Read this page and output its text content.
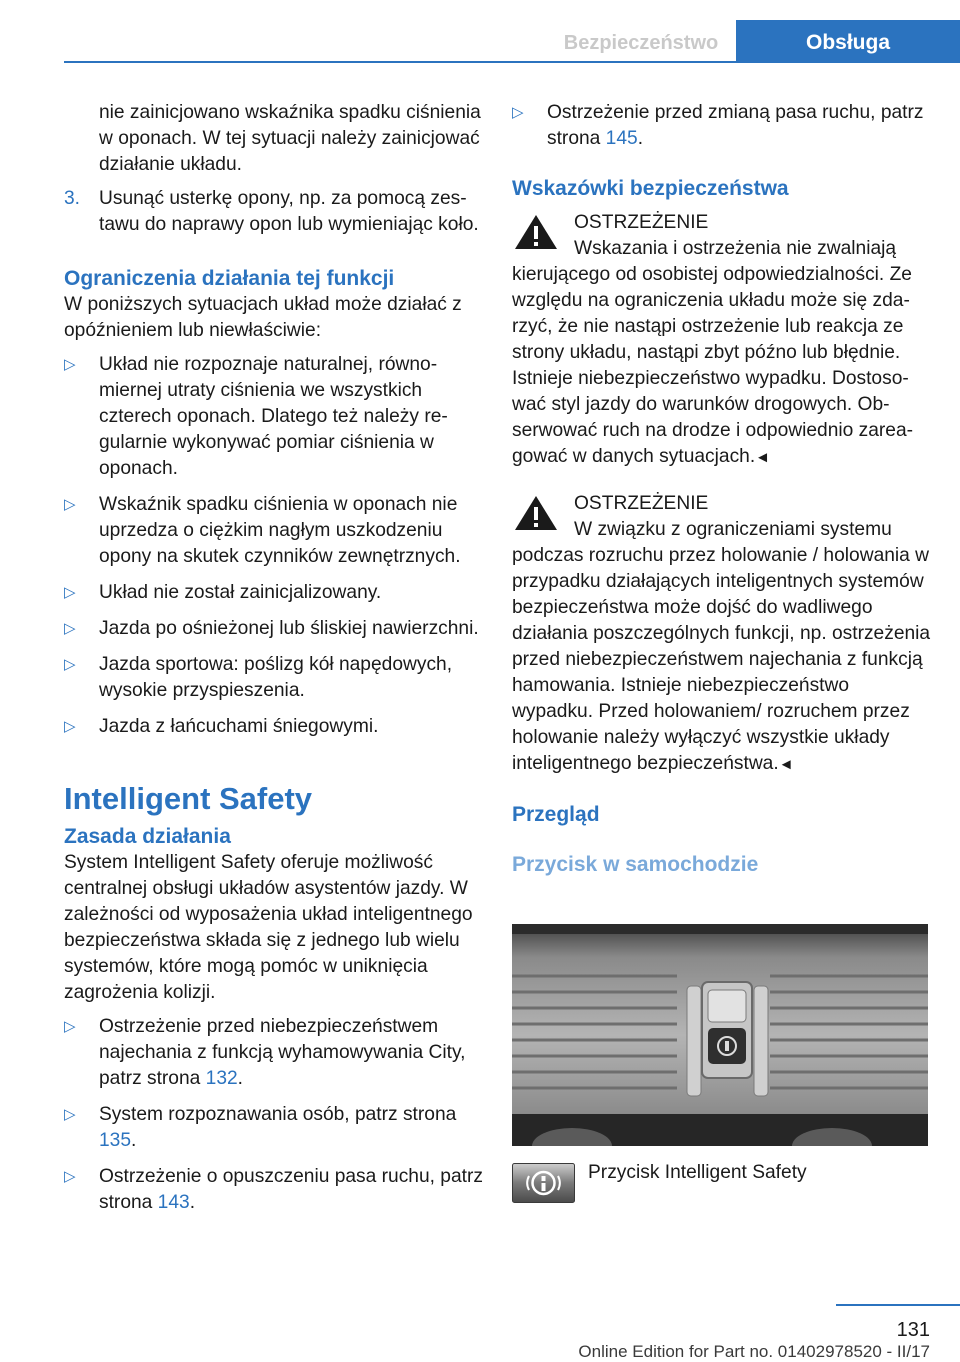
Bezpieczeństwo	Obsługa

nie zainicjowano wskaźnika spadku ciśnienia w oponach. W tej sytuacji należy zainicjować działanie układu.

3. Usunąć usterkę opony, np. za pomocą zestawu do naprawy opon lub wymieniając koło.

Ograniczenia działania tej funkcji

W poniższych sytuacjach układ może działać z opóźnieniem lub niewłaściwie:

▷ Układ nie rozpoznaje naturalnej, równomiernej utraty ciśnienia we wszystkich czterech oponach. Dlatego też należy regularnie wykonywać pomiar ciśnienia w oponach.

▷ Wskaźnik spadku ciśnienia w oponach nie uprzedza o ciężkim nagłym uszkodzeniu opony na skutek czynników zewnętrznych.

▷ Układ nie został zainicjalizowany.

▷ Jazda po ośnieżonej lub śliskiej nawierzchni.

▷ Jazda sportowa: poślizg kół napędowych, wysokie przyspieszenia.

▷ Jazda z łańcuchami śniegowymi.

Intelligent Safety
Zasada działania

System Intelligent Safety oferuje możliwość centralnej obsługi układów asystentów jazdy. W zależności od wyposażenia układ inteligentnego bezpieczeństwa składa się z jednego lub wielu systemów, które mogą pomóc w uniknięcia zagrożenia kolizji.

▷ Ostrzeżenie przed niebezpieczeństwem najechania z funkcją wyhamowywania City, patrz strona 132.

▷ System rozpoznawania osób, patrz strona 135.

▷ Ostrzeżenie o opuszczeniu pasa ruchu, patrz strona 143.

▷ Ostrzeżenie przed zmianą pasa ruchu, patrz strona 145.

Wskazówki bezpieczeństwa
OSTRZEŻENIE
Wskazania i ostrzeżenia nie zwalniają kierującego od osobistej odpowiedzialności. Ze względu na ograniczenia układu może się zdarzyć, że nie nastąpi ostrzeżenie lub reakcja ze strony układu, nastąpi zbyt późno lub błędnie. Istnieje niebezpieczeństwo wypadku. Dostosować styl jazdy do warunków drogowych. Obserwować ruch na drodze i odpowiednio zareagować w danych sytuacjach.◄
OSTRZEŻENIE
W związku z ograniczeniami systemu podczas rozruchu przez holowanie / holowania w przypadku działających inteligentnych systemów bezpieczeństwa może dojść do wadliwego działania poszczególnych funkcji, np. ostrzeżenia przed niebezpieczeństwem najechania z funkcją hamowania. Istnieje niebezpieczeństwo wypadku. Przed holowaniem/ rozruchem przez holowanie należy wyłączyć wszystkie układy inteligentnego bezpieczeństwa.◄
Przegląd
Przycisk w samochodzie
Przycisk Intelligent Safety
131
Online Edition for Part no. 01402978520 - II/17
